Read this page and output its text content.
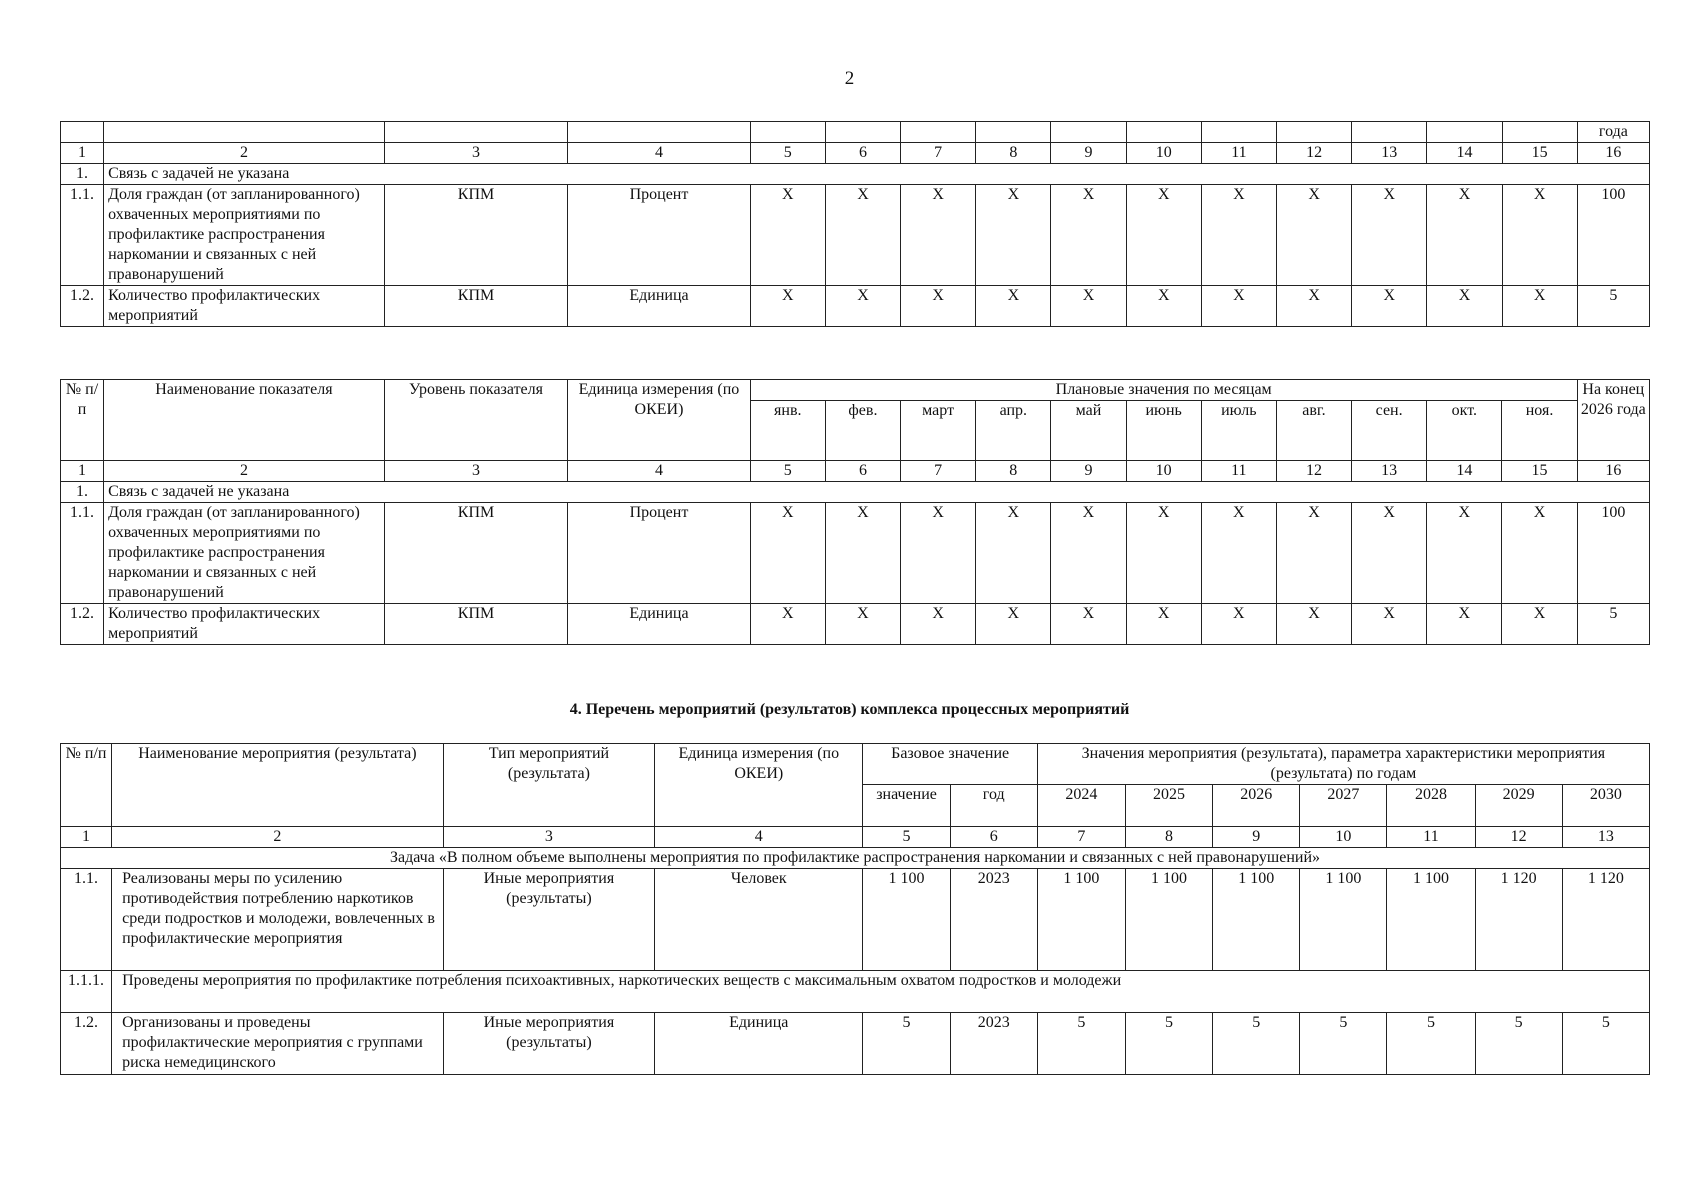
2
															года
1	2	3	4	5	6	7	8	9	10	11	12	13	14	15	16
1.	Связь с задачей не указана														
1.1.	Доля граждан (от запланированного) охваченных мероприятиями по профилактике распространения наркомании и связанных с ней правонарушений	КПМ	Процент	X	X	X	X	X	X	X	X	X	X	X	100
1.2.	Количество профилактических мероприятий	КПМ	Единица	X	X	X	X	X	X	X	X	X	X	X	5
№ п/п	Наименование показателя	Уровень показателя	Единица измерения (по ОКЕИ)	Плановые значения по месяцам											На конец 2026 года
				янв.	фев.	март	апр.	май	июнь	июль	авг.	сен.	окт.	ноя.	
1	2	3	4	5	6	7	8	9	10	11	12	13	14	15	16
1.	Связь с задачей не указана														
1.1.	Доля граждан (от запланированного) охваченных мероприятиями по профилактике распространения наркомании и связанных с ней правонарушений	КПМ	Процент	X	X	X	X	X	X	X	X	X	X	X	100
1.2.	Количество профилактических мероприятий	КПМ	Единица	X	X	X	X	X	X	X	X	X	X	X	5
4. Перечень мероприятий (результатов) комплекса процессных мероприятий
№ п/п	Наименование мероприятия (результата)	Тип мероприятий (результата)	Единица измерения (по ОКЕИ)	Базовое значение		Значения мероприятия (результата), параметра характеристики мероприятия (результата) по годам						
				значение	год	2024	2025	2026	2027	2028	2029	2030
1	2	3	4	5	6	7	8	9	10	11	12	13
Задача «В полном объеме выполнены мероприятия по профилактике распространения наркомании и связанных с ней правонарушений»												
1.1.	Реализованы меры по усилению противодействия потреблению наркотиков среди подростков и молодежи, вовлеченных в профилактические мероприятия	Иные мероприятия (результаты)	Человек	1 100	2023	1 100	1 100	1 100	1 100	1 100	1 120	1 120
1.1.1.	Проведены мероприятия по профилактике потребления психоактивных, наркотических веществ с максимальным охватом подростков и молодежи											
1.2.	Организованы и проведены профилактические мероприятия с группами риска немедицинского	Иные мероприятия (результаты)	Единица	5	2023	5	5	5	5	5	5	5
